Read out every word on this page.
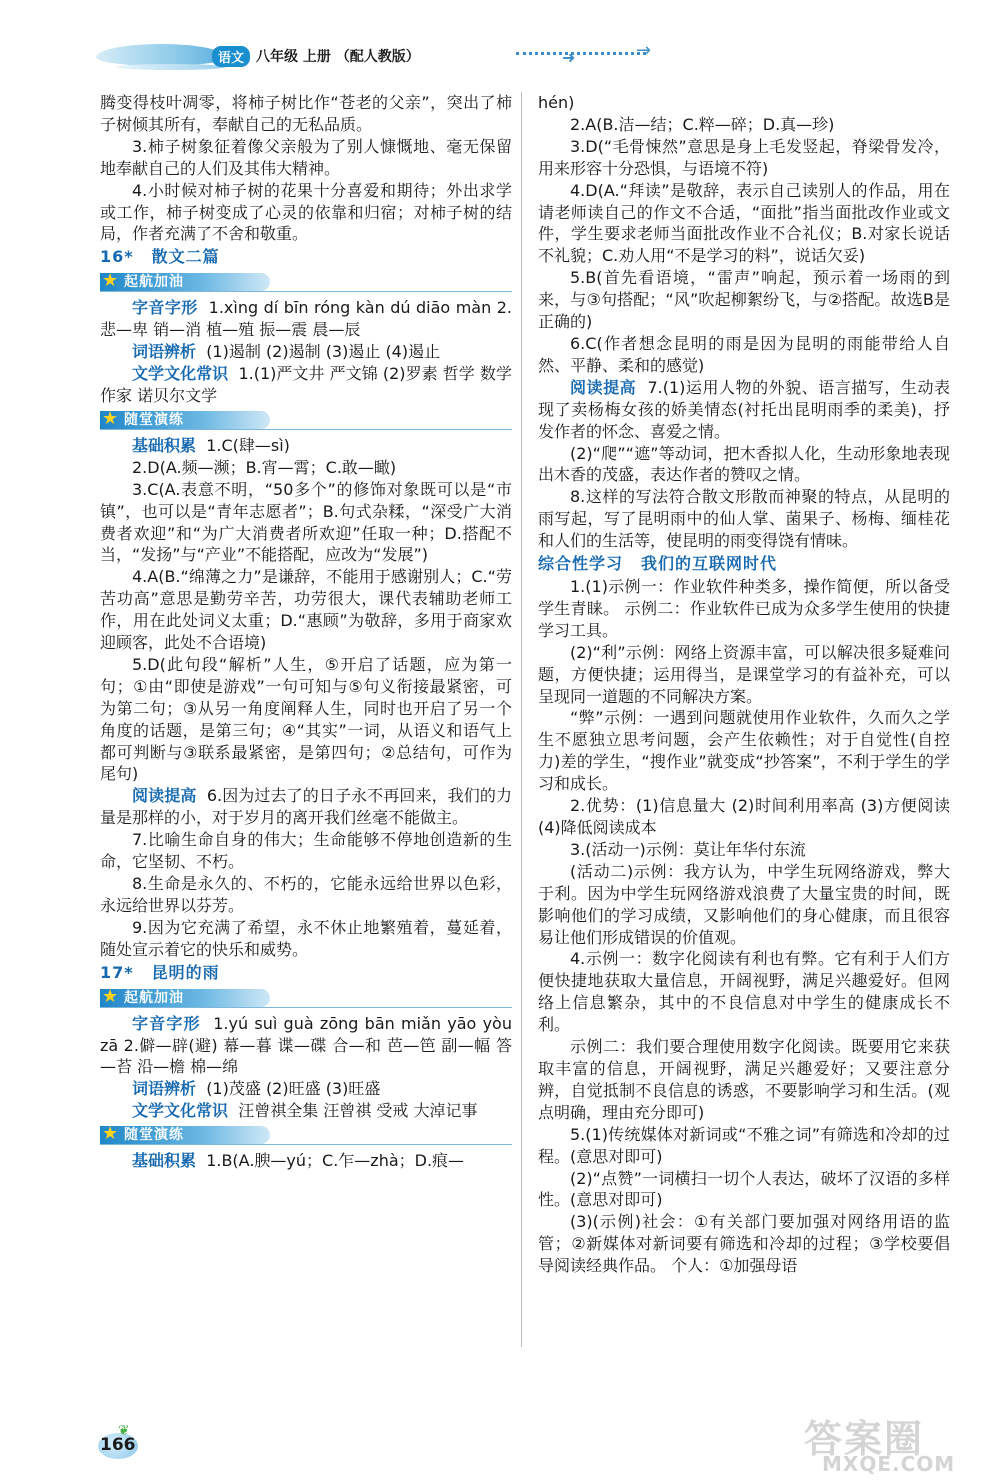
语文 八年级 上册 （配人教版）	➜	→

腾变得枝叶凋零，将柿子树比作“苍老的父亲”，突出了柿子树倾其所有，奉献自己的无私品质。

3.柿子树象征着像父亲般为了别人慷慨地、毫无保留地奉献自己的人们及其伟大精神。

4.小时候对柿子树的花果十分喜爱和期待；外出求学或工作，柿子树变成了心灵的依靠和归宿；对柿子树的结局，作者充满了不舍和敬重。

16* 散文二篇

★ 起航加油

字音字形 1.xìng dí bīn róng kàn dú diāo màn 2.悲—卑 销—消 植—殖 振—震 晨—辰

词语辨析 (1)遏制 (2)遏制 (3)遏止 (4)遏止

文学文化常识 1.(1)严文井 严文锦 (2)罗素 哲学 数学 作家 诺贝尔文学

★ 随堂演练

基础积累 1.C(肆—sì)

2.D(A.频—濒；B.宵—霄；C.敢—瞰)

3.C(A.表意不明，“50多个”的修饰对象既可以是“市镇”，也可以是“青年志愿者”；B.句式杂糅，“深受广大消费者欢迎”和“为广大消费者所欢迎”任取一种；D.搭配不当，“发扬”与“产业”不能搭配，应改为“发展”)

4.A(B.“绵薄之力”是谦辞，不能用于感谢别人；C.“劳苦功高”意思是勤劳辛苦，功劳很大，课代表辅助老师工作，用在此处词义太重；D.“惠顾”为敬辞，多用于商家欢迎顾客，此处不合语境)

5.D(此句段“解析”人生，⑤开启了话题，应为第一句；①由“即使是游戏”一句可知与⑤句义衔接最紧密，可为第二句；③从另一角度阐释人生，同时也开启了另一个角度的话题，是第三句；④“其实”一词，从语义和语气上都可判断与③联系最紧密，是第四句；②总结句，可作为尾句)

阅读提高 6.因为过去了的日子永不再回来，我们的力量是那样的小，对于岁月的离开我们丝毫不能做主。

7.比喻生命自身的伟大；生命能够不停地创造新的生命，它坚韧、不朽。

8.生命是永久的、不朽的，它能永远给世界以色彩，永远给世界以芬芳。

9.因为它充满了希望，永不休止地繁殖着，蔓延着，随处宣示着它的快乐和威势。

17* 昆明的雨

★ 起航加油

字音字形 1.yú suì guà zōng bān miǎn yāo yòu zā 2.僻—辟(避) 幕—暮 谍—碟 合—和 芭—笆 副—幅 答—苔 沿—檐 棉—绵

词语辨析 (1)茂盛 (2)旺盛 (3)旺盛

文学文化常识 汪曾祺全集 汪曾祺 受戒 大淖记事

★ 随堂演练

基础积累 1.B(A.腴—yú；C.乍—zhà；D.痕—

hén)

2.A(B.洁—结；C.粹—碎；D.真—珍)

3.D(“毛骨悚然”意思是身上毛发竖起，脊梁骨发冷，用来形容十分恐惧，与语境不符)

4.D(A.“拜读”是敬辞，表示自己读别人的作品，用在请老师读自己的作文不合适，“面批”指当面批改作业或文件，学生要求老师当面批改作业不合礼仪；B.对家长说话不礼貌；C.劝人用“不是学习的料”，说话欠妥)

5.B(首先看语境，“雷声”响起，预示着一场雨的到来，与③句搭配；“风”吹起柳絮纷飞，与②搭配。故选B是正确的)

6.C(作者想念昆明的雨是因为昆明的雨能带给人自然、平静、柔和的感觉)

阅读提高 7.(1)运用人物的外貌、语言描写，生动表现了卖杨梅女孩的娇美情态(衬托出昆明雨季的柔美)，抒发作者的怀念、喜爱之情。

(2)“爬”“遮”等动词，把木香拟人化，生动形象地表现出木香的茂盛，表达作者的赞叹之情。

8.这样的写法符合散文形散而神聚的特点，从昆明的雨写起，写了昆明雨中的仙人掌、菌果子、杨梅、缅桂花和人们的生活等，使昆明的雨变得饶有情味。

综合性学习 我们的互联网时代

1.(1)示例一：作业软件种类多，操作简便，所以备受学生青睐。 示例二：作业软件已成为众多学生使用的快捷学习工具。

(2)“利”示例：网络上资源丰富，可以解决很多疑难问题，方便快捷；运用得当，是课堂学习的有益补充，可以呈现同一道题的不同解决方案。

“弊”示例：一遇到问题就使用作业软件，久而久之学生不愿独立思考问题，会产生依赖性；对于自觉性(自控力)差的学生，“搜作业”就变成“抄答案”，不利于学生的学习和成长。

2.优势：(1)信息量大 (2)时间利用率高 (3)方便阅读 (4)降低阅读成本

3.(活动一)示例：莫让年华付东流

(活动二)示例：我方认为，中学生玩网络游戏，弊大于利。因为中学生玩网络游戏浪费了大量宝贵的时间，既影响他们的学习成绩，又影响他们的身心健康，而且很容易让他们形成错误的价值观。

4.示例一：数字化阅读有利也有弊。它有利于人们方便快捷地获取大量信息，开阔视野，满足兴趣爱好。但网络上信息繁杂，其中的不良信息对中学生的健康成长不利。

示例二：我们要合理使用数字化阅读。既要用它来获取丰富的信息，开阔视野，满足兴趣爱好；又要注意分辨，自觉抵制不良信息的诱惑，不要影响学习和生活。(观点明确，理由充分即可)

5.(1)传统媒体对新词或“不雅之词”有筛选和冷却的过程。(意思对即可)

(2)“点赞”一词横扫一切个人表达，破坏了汉语的多样性。(意思对即可)

(3)(示例)社会：①有关部门要加强对网络用语的监管；②新媒体对新词要有筛选和冷却的过程；③学校要倡导阅读经典作品。 个人：①加强母语

❦
166	答案圈
MXQE.COM
